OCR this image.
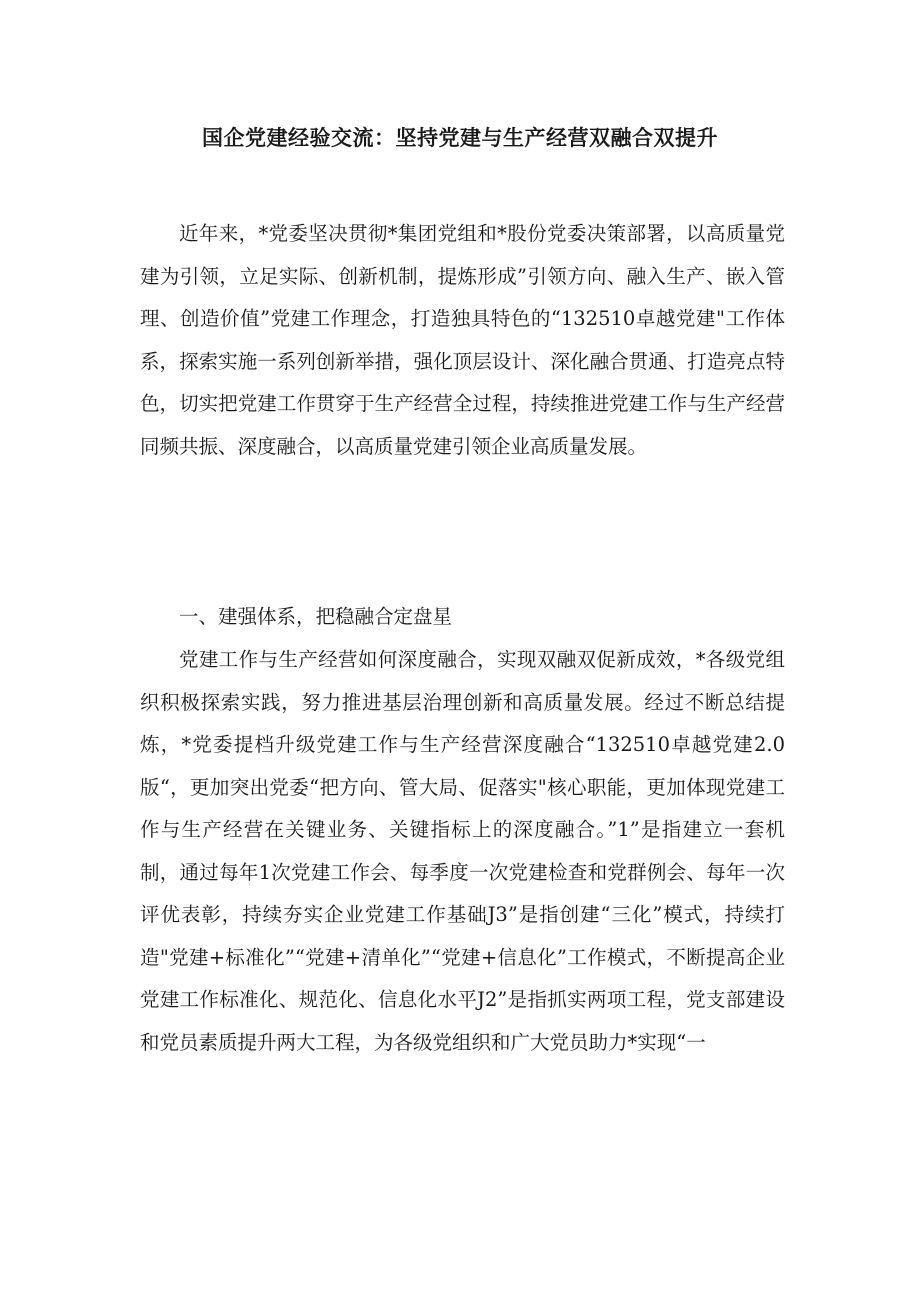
国企党建经验交流：坚持党建与生产经营双融合双提升

近年来，*党委坚决贯彻*集团党组和*股份党委决策部署，以高质量党建为引领，立足实际、创新机制，提炼形成”引领方向、融入生产、嵌入管理、创造价值”党建工作理念，打造独具特色的“132510卓越党建"工作体系，探索实施一系列创新举措，强化顶层设计、深化融合贯通、打造亮点特色，切实把党建工作贯穿于生产经营全过程，持续推进党建工作与生产经营同频共振、深度融合，以高质量党建引领企业高质量发展。

一、建强体系，把稳融合定盘星

党建工作与生产经营如何深度融合，实现双融双促新成效，*各级党组织积极探索实践，努力推进基层治理创新和高质量发展。经过不断总结提炼，*党委提档升级党建工作与生产经营深度融合“132510卓越党建2.0版“，更加突出党委“把方向、管大局、促落实"核心职能，更加体现党建工作与生产经营在关键业务、关键指标上的深度融合。”1”是指建立一套机制，通过每年1次党建工作会、每季度一次党建检查和党群例会、每年一次评优表彰，持续夯实企业党建工作基础J3”是指创建“三化”模式，持续打造"党建+标准化”“党建+清单化”“党建+信息化”工作模式，不断提高企业党建工作标准化、规范化、信息化水平J2”是指抓实两项工程，党支部建设和党员素质提升两大工程，为各级党组织和广大党员助力*实现“一
